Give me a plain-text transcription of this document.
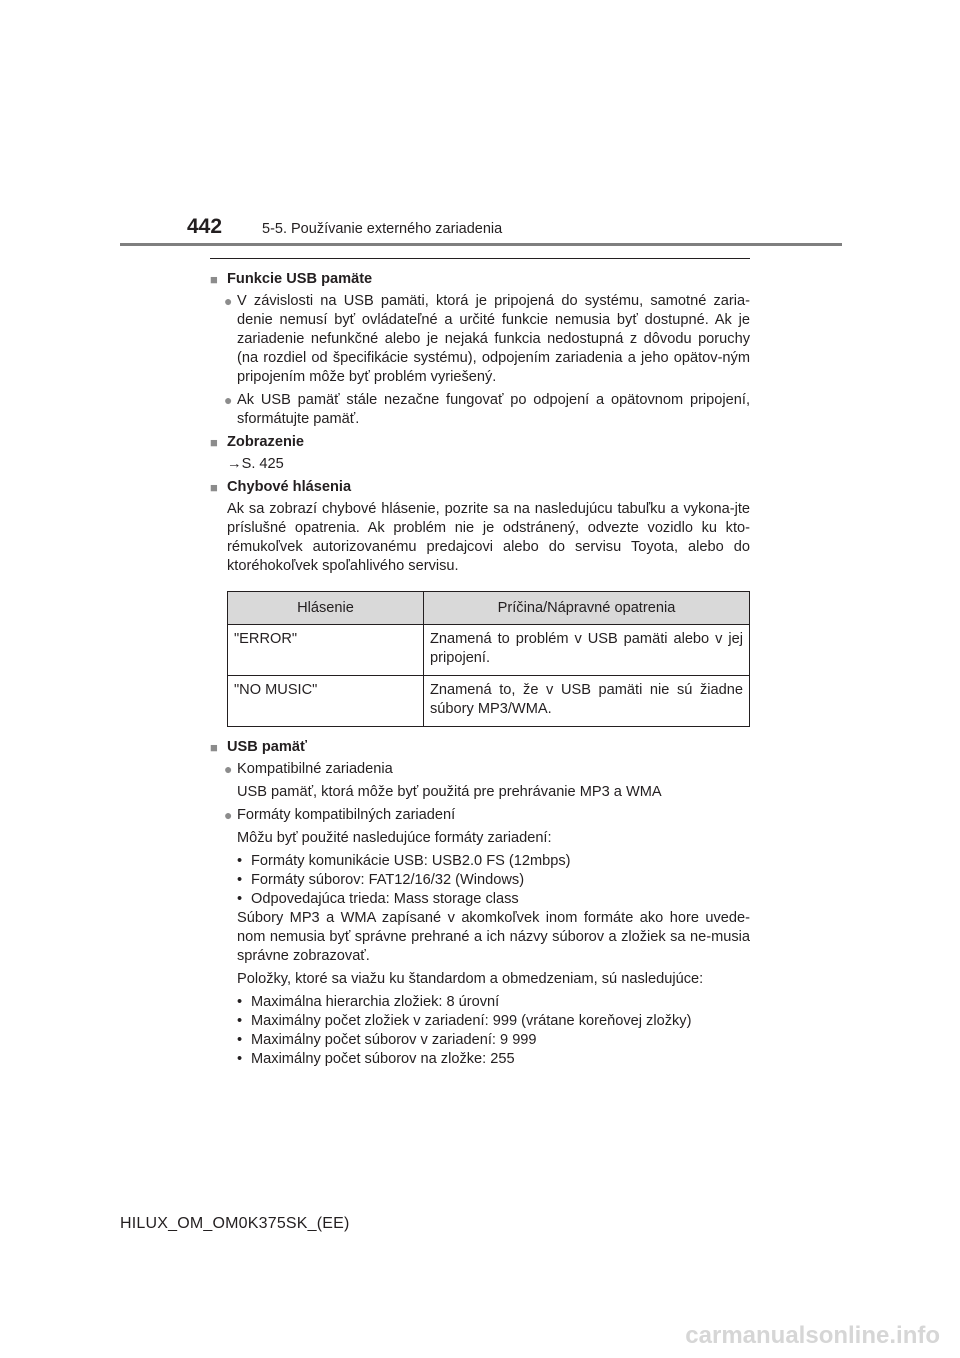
442	5-5. Používanie externého zariadenia
■ Funkcie USB pamäte
● V závislosti na USB pamäti, ktorá je pripojená do systému, samotné zaria-denie nemusí byť ovládateľné a určité funkcie nemusia byť dostupné. Ak je zariadenie nefunkčné alebo je nejaká funkcia nedostupná z dôvodu poruchy (na rozdiel od špecifikácie systému), odpojením zariadenia a jeho opätov-ným pripojením môže byť problém vyriešený.
● Ak USB pamäť stále nezačne fungovať po odpojení a opätovnom pripojení, sformátujte pamäť.
■ Zobrazenie
→S. 425
■ Chybové hlásenia
Ak sa zobrazí chybové hlásenie, pozrite sa na nasledujúcu tabuľku a vykona-jte príslušné opatrenia. Ak problém nie je odstránený, odvezte vozidlo ku kto-rémukoľvek autorizovanému predajcovi alebo do servisu Toyota, alebo do ktoréhokoľvek spoľahlivého servisu.
Hlásenie	Príčina/Nápravné opatrenia
"ERROR"	Znamená to problém v USB pamäti alebo v jej pripojení.
"NO MUSIC"	Znamená to, že v USB pamäti nie sú žiadne súbory MP3/WMA.
■ USB pamäť
● Kompatibilné zariadenia
USB pamäť, ktorá môže byť použitá pre prehrávanie MP3 a WMA
● Formáty kompatibilných zariadení
Môžu byť použité nasledujúce formáty zariadení:
• Formáty komunikácie USB: USB2.0 FS (12mbps)
• Formáty súborov: FAT12/16/32 (Windows)
• Odpovedajúca trieda: Mass storage class
Súbory MP3 a WMA zapísané v akomkoľvek inom formáte ako hore uvede-nom nemusia byť správne prehrané a ich názvy súborov a zložiek sa ne-musia správne zobrazovať.
Položky, ktoré sa viažu ku štandardom a obmedzeniam, sú nasledujúce:
• Maximálna hierarchia zložiek: 8 úrovní
• Maximálny počet zložiek v zariadení: 999 (vrátane koreňovej zložky)
• Maximálny počet súborov v zariadení: 9 999
• Maximálny počet súborov na zložke: 255
HILUX_OM_OM0K375SK_(EE)
carmanualsonline.info
